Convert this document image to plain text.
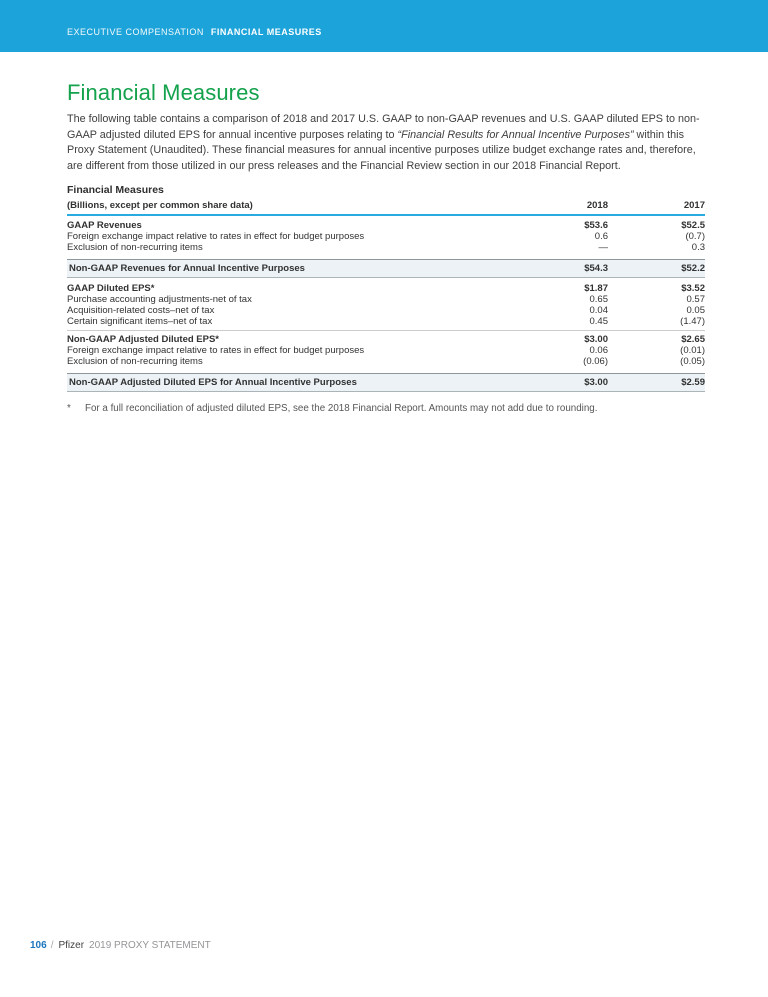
EXECUTIVE COMPENSATION FINANCIAL MEASURES
Financial Measures

The following table contains a comparison of 2018 and 2017 U.S. GAAP to non-GAAP revenues and U.S. GAAP diluted EPS to non-GAAP adjusted diluted EPS for annual incentive purposes relating to “Financial Results for Annual Incentive Purposes” within this Proxy Statement (Unaudited). These financial measures for annual incentive purposes utilize budget exchange rates and, therefore, are different from those utilized in our press releases and the Financial Review section in our 2018 Financial Report.

Financial Measures
(Billions, except per common share data)	2018	2017
GAAP Revenues	$53.6	$52.5
Foreign exchange impact relative to rates in effect for budget purposes	0.6	(0.7)
Exclusion of non-recurring items	—	0.3
Non-GAAP Revenues for Annual Incentive Purposes	$54.3	$52.2
GAAP Diluted EPS*	$1.87	$3.52
Purchase accounting adjustments-net of tax	0.65	0.57
Acquisition-related costs–net of tax	0.04	0.05
Certain significant items–net of tax	0.45	(1.47)
Non-GAAP Adjusted Diluted EPS*	$3.00	$2.65
Foreign exchange impact relative to rates in effect for budget purposes	0.06	(0.01)
Exclusion of non-recurring items	(0.06)	(0.05)
Non-GAAP Adjusted Diluted EPS for Annual Incentive Purposes	$3.00	$2.59
*	For a full reconciliation of adjusted diluted EPS, see the 2018 Financial Report. Amounts may not add due to rounding.
106 / Pfizer 2019 PROXY STATEMENT
